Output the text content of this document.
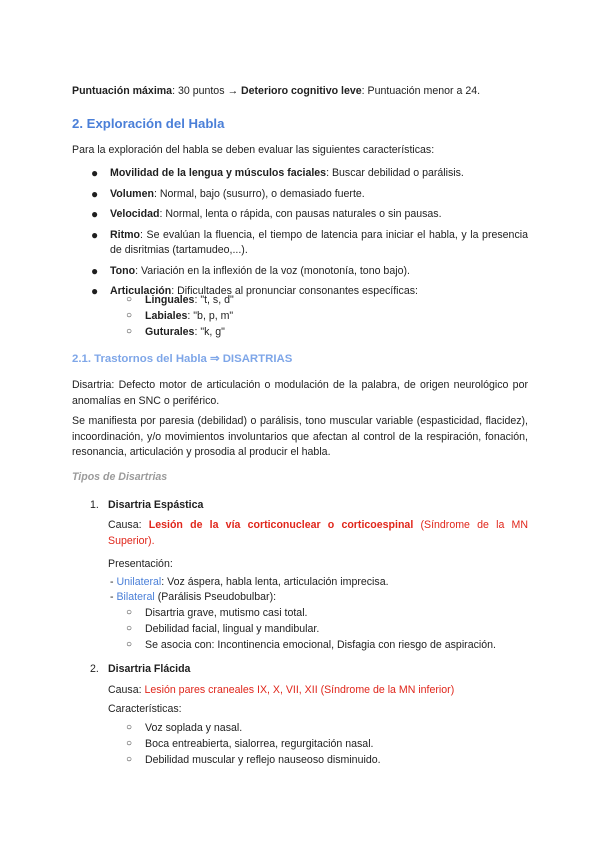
Puntuación máxima: 30 puntos → Deterioro cognitivo leve: Puntuación menor a 24.

2. Exploración del Habla

Para la exploración del habla se deben evaluar las siguientes características:

● Movilidad de la lengua y músculos faciales: Buscar debilidad o parálisis.
● Volumen: Normal, bajo (susurro), o demasiado fuerte.
● Velocidad: Normal, lenta o rápida, con pausas naturales o sin pausas.
● Ritmo: Se evalúan la fluencia, el tiempo de latencia para iniciar el habla, y la presencia de disritmias (tartamudeo,...).
● Tono: Variación en la inflexión de la voz (monotonía, tono bajo).
● Articulación: Dificultades al pronunciar consonantes específicas:
○ Linguales: "t, s, d"
○ Labiales: "b, p, m"
○ Guturales: "k, g"

2.1. Trastornos del Habla ⇒ DISARTRIAS

Disartria: Defecto motor de articulación o modulación de la palabra, de origen neurológico por anomalías en SNC o periférico.

Se manifiesta por paresia (debilidad) o parálisis, tono muscular variable (espasticidad, flacidez), incoordinación, y/o movimientos involuntarios que afectan al control de la respiración, fonación, resonancia, articulación y prosodia al producir el habla.

Tipos de Disartrias

1. Disartria Espástica

Causa: Lesión de la vía corticonuclear o corticoespinal (Síndrome de la MN Superior).

Presentación:

- Unilateral: Voz áspera, habla lenta, articulación imprecisa.

- Bilateral (Parálisis Pseudobulbar):

○ Disartria grave, mutismo casi total.
○ Debilidad facial, lingual y mandibular.
○ Se asocia con: Incontinencia emocional, Disfagia con riesgo de aspiración.
2. Disartria Flácida

Causa: Lesión pares craneales IX, X, VII, XII (Síndrome de la MN inferior)

Características:

○ Voz soplada y nasal.
○ Boca entreabierta, sialorrea, regurgitación nasal.
○ Debilidad muscular y reflejo nauseoso disminuido.
